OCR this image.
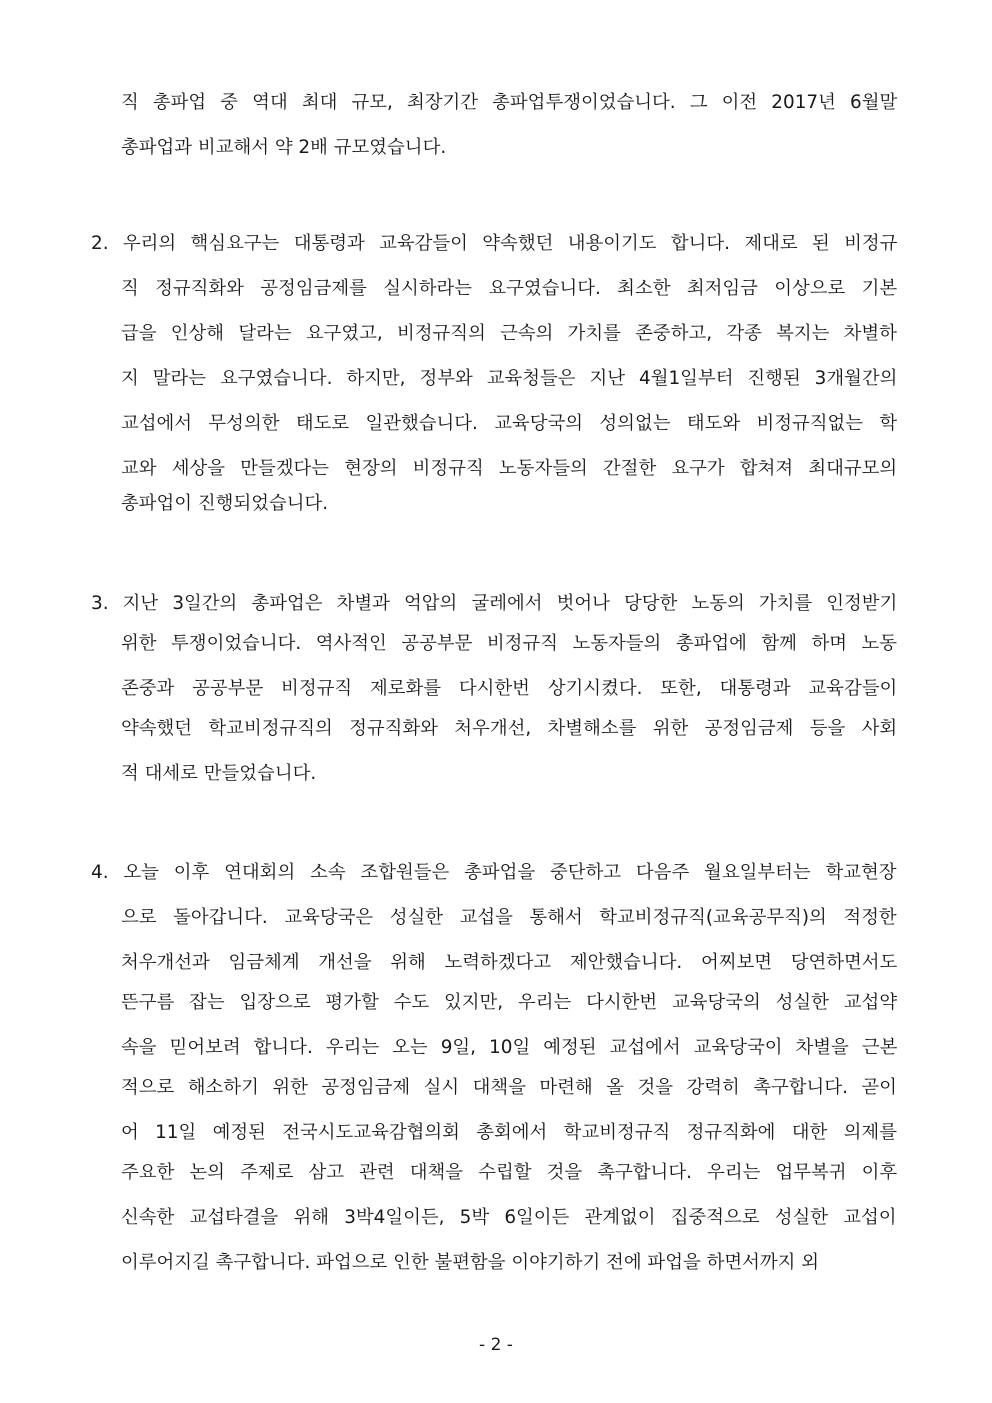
직 총파업 중 역대 최대 규모, 최장기간 총파업투쟁이었습니다. 그 이전 2017년 6월말
총파업과 비교해서 약 2배 규모였습니다.
2. 우리의 핵심요구는 대통령과 교육감들이 약속했던 내용이기도 합니다. 제대로 된 비정규
직 정규직화와 공정임금제를 실시하라는 요구였습니다. 최소한 최저임금 이상으로 기본
급을 인상해 달라는 요구였고, 비정규직의 근속의 가치를 존중하고, 각종 복지는 차별하
지 말라는 요구였습니다. 하지만, 정부와 교육청들은 지난 4월1일부터 진행된 3개월간의
교섭에서 무성의한 태도로 일관했습니다. 교육당국의 성의없는 태도와 비정규직없는 학
교와 세상을 만들겠다는 현장의 비정규직 노동자들의 간절한 요구가 합쳐져 최대규모의
총파업이 진행되었습니다.
3. 지난 3일간의 총파업은 차별과 억압의 굴레에서 벗어나 당당한 노동의 가치를 인정받기
위한 투쟁이었습니다. 역사적인 공공부문 비정규직 노동자들의 총파업에 함께 하며 노동
존중과 공공부문 비정규직 제로화를 다시한번 상기시켰다. 또한, 대통령과 교육감들이
약속했던 학교비정규직의 정규직화와 처우개선, 차별해소를 위한 공정임금제 등을 사회
적 대세로 만들었습니다.
4. 오늘 이후 연대회의 소속 조합원들은 총파업을 중단하고 다음주 월요일부터는 학교현장
으로 돌아갑니다. 교육당국은 성실한 교섭을 통해서 학교비정규직(교육공무직)의 적정한
처우개선과 임금체계 개선을 위해 노력하겠다고 제안했습니다. 어찌보면 당연하면서도
뜬구름 잡는 입장으로 평가할 수도 있지만, 우리는 다시한번 교육당국의 성실한 교섭약
속을 믿어보려 합니다. 우리는 오는 9일, 10일 예정된 교섭에서 교육당국이 차별을 근본
적으로 해소하기 위한 공정임금제 실시 대책을 마련해 올 것을 강력히 촉구합니다. 곧이
어 11일 예정된 전국시도교육감협의회 총회에서 학교비정규직 정규직화에 대한 의제를
주요한 논의 주제로 삼고 관련 대책을 수립할 것을 촉구합니다. 우리는 업무복귀 이후
신속한 교섭타결을 위해 3박4일이든, 5박 6일이든 관계없이 집중적으로 성실한 교섭이
이루어지길 촉구합니다. 파업으로 인한 불편함을 이야기하기 전에 파업을 하면서까지 외
- 2 -
